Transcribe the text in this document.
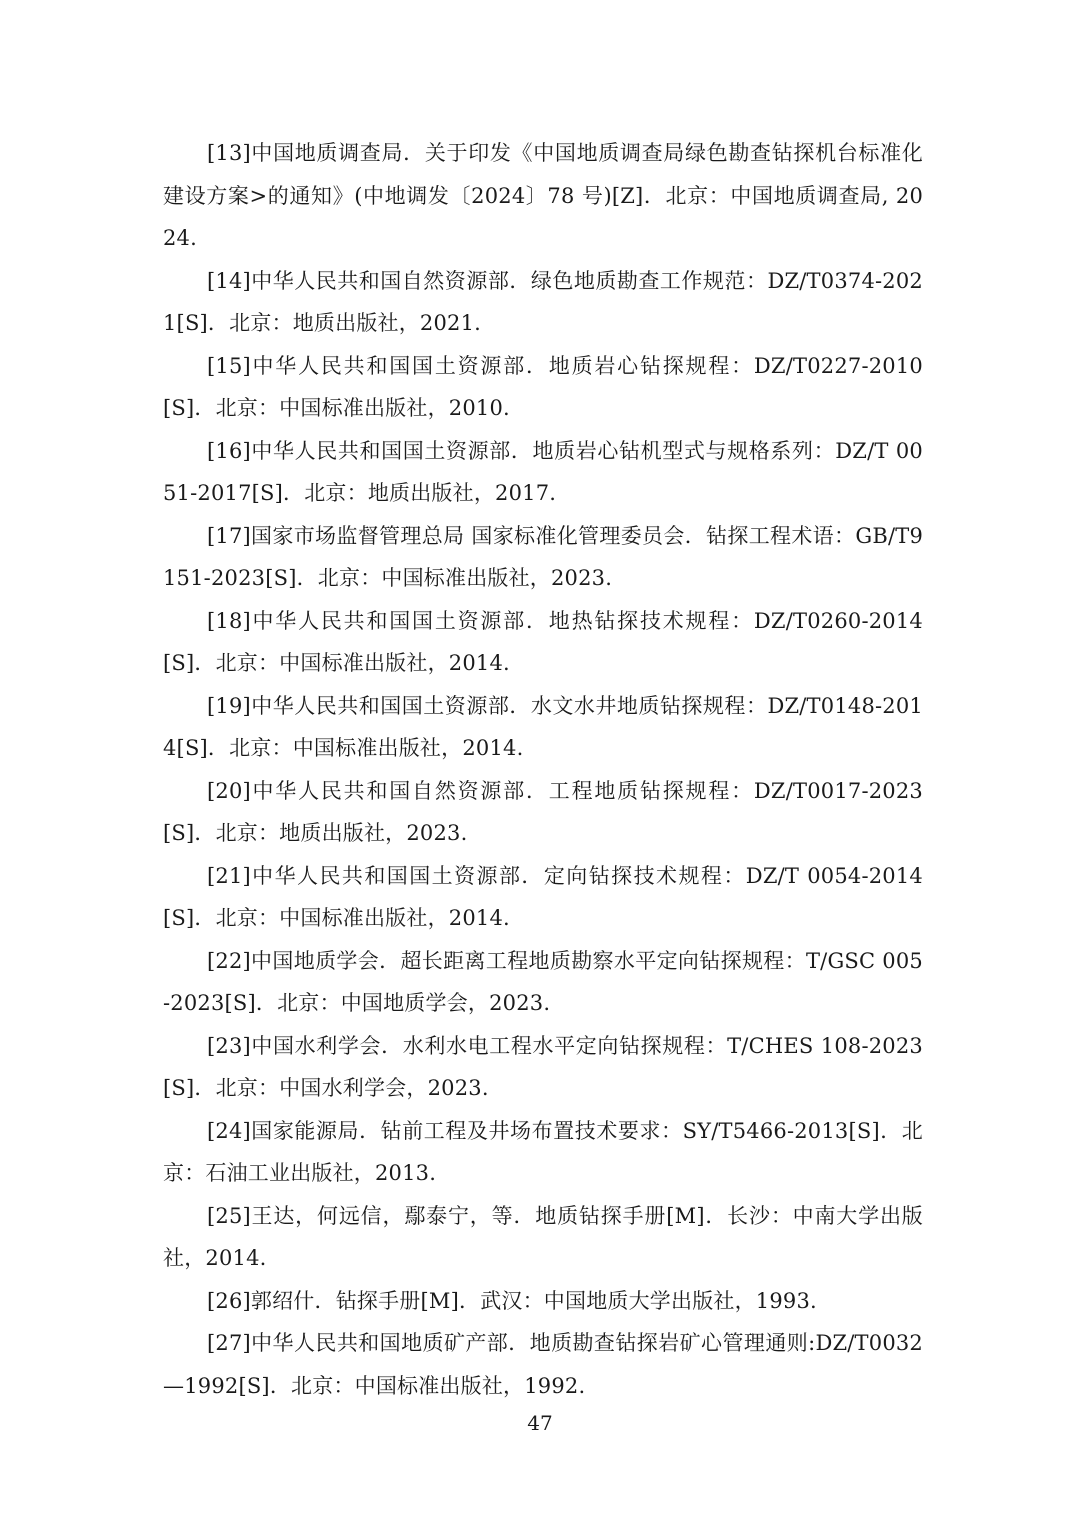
[13]中国地质调查局．关于印发《中国地质调查局绿色勘查钻探机台标准化建设方案>的通知》(中地调发〔2024〕78 号)[Z]．北京：中国地质调查局, 2024.

[14]中华人民共和国自然资源部．绿色地质勘查工作规范：DZ/T0374-2021[S]．北京：地质出版社，2021.

[15]中华人民共和国国土资源部．地质岩心钻探规程：DZ/T0227-2010[S]．北京：中国标准出版社，2010.

[16]中华人民共和国国土资源部．地质岩心钻机型式与规格系列：DZ/T 0051-2017[S]．北京：地质出版社，2017.

[17]国家市场监督管理总局 国家标准化管理委员会．钻探工程术语：GB/T9151-2023[S]．北京：中国标准出版社，2023.

[18]中华人民共和国国土资源部．地热钻探技术规程：DZ/T0260-2014[S]．北京：中国标准出版社，2014.

[19]中华人民共和国国土资源部．水文水井地质钻探规程：DZ/T0148-2014[S]．北京：中国标准出版社，2014.

[20]中华人民共和国自然资源部．工程地质钻探规程：DZ/T0017-2023[S]．北京：地质出版社，2023.

[21]中华人民共和国国土资源部．定向钻探技术规程：DZ/T 0054-2014[S]．北京：中国标准出版社，2014.

[22]中国地质学会．超长距离工程地质勘察水平定向钻探规程：T/GSC 005-2023[S]．北京：中国地质学会，2023.

[23]中国水利学会．水利水电工程水平定向钻探规程：T/CHES 108-2023[S]．北京：中国水利学会，2023.

[24]国家能源局．钻前工程及井场布置技术要求：SY/T5466-2013[S]．北京：石油工业出版社，2013.

[25]王达，何远信，鄢泰宁，等．地质钻探手册[M]．长沙：中南大学出版社，2014.

[26]郭绍什．钻探手册[M]．武汉：中国地质大学出版社，1993.

[27]中华人民共和国地质矿产部．地质勘查钻探岩矿心管理通则:DZ/T0032—1992[S]．北京：中国标准出版社，1992.

47
